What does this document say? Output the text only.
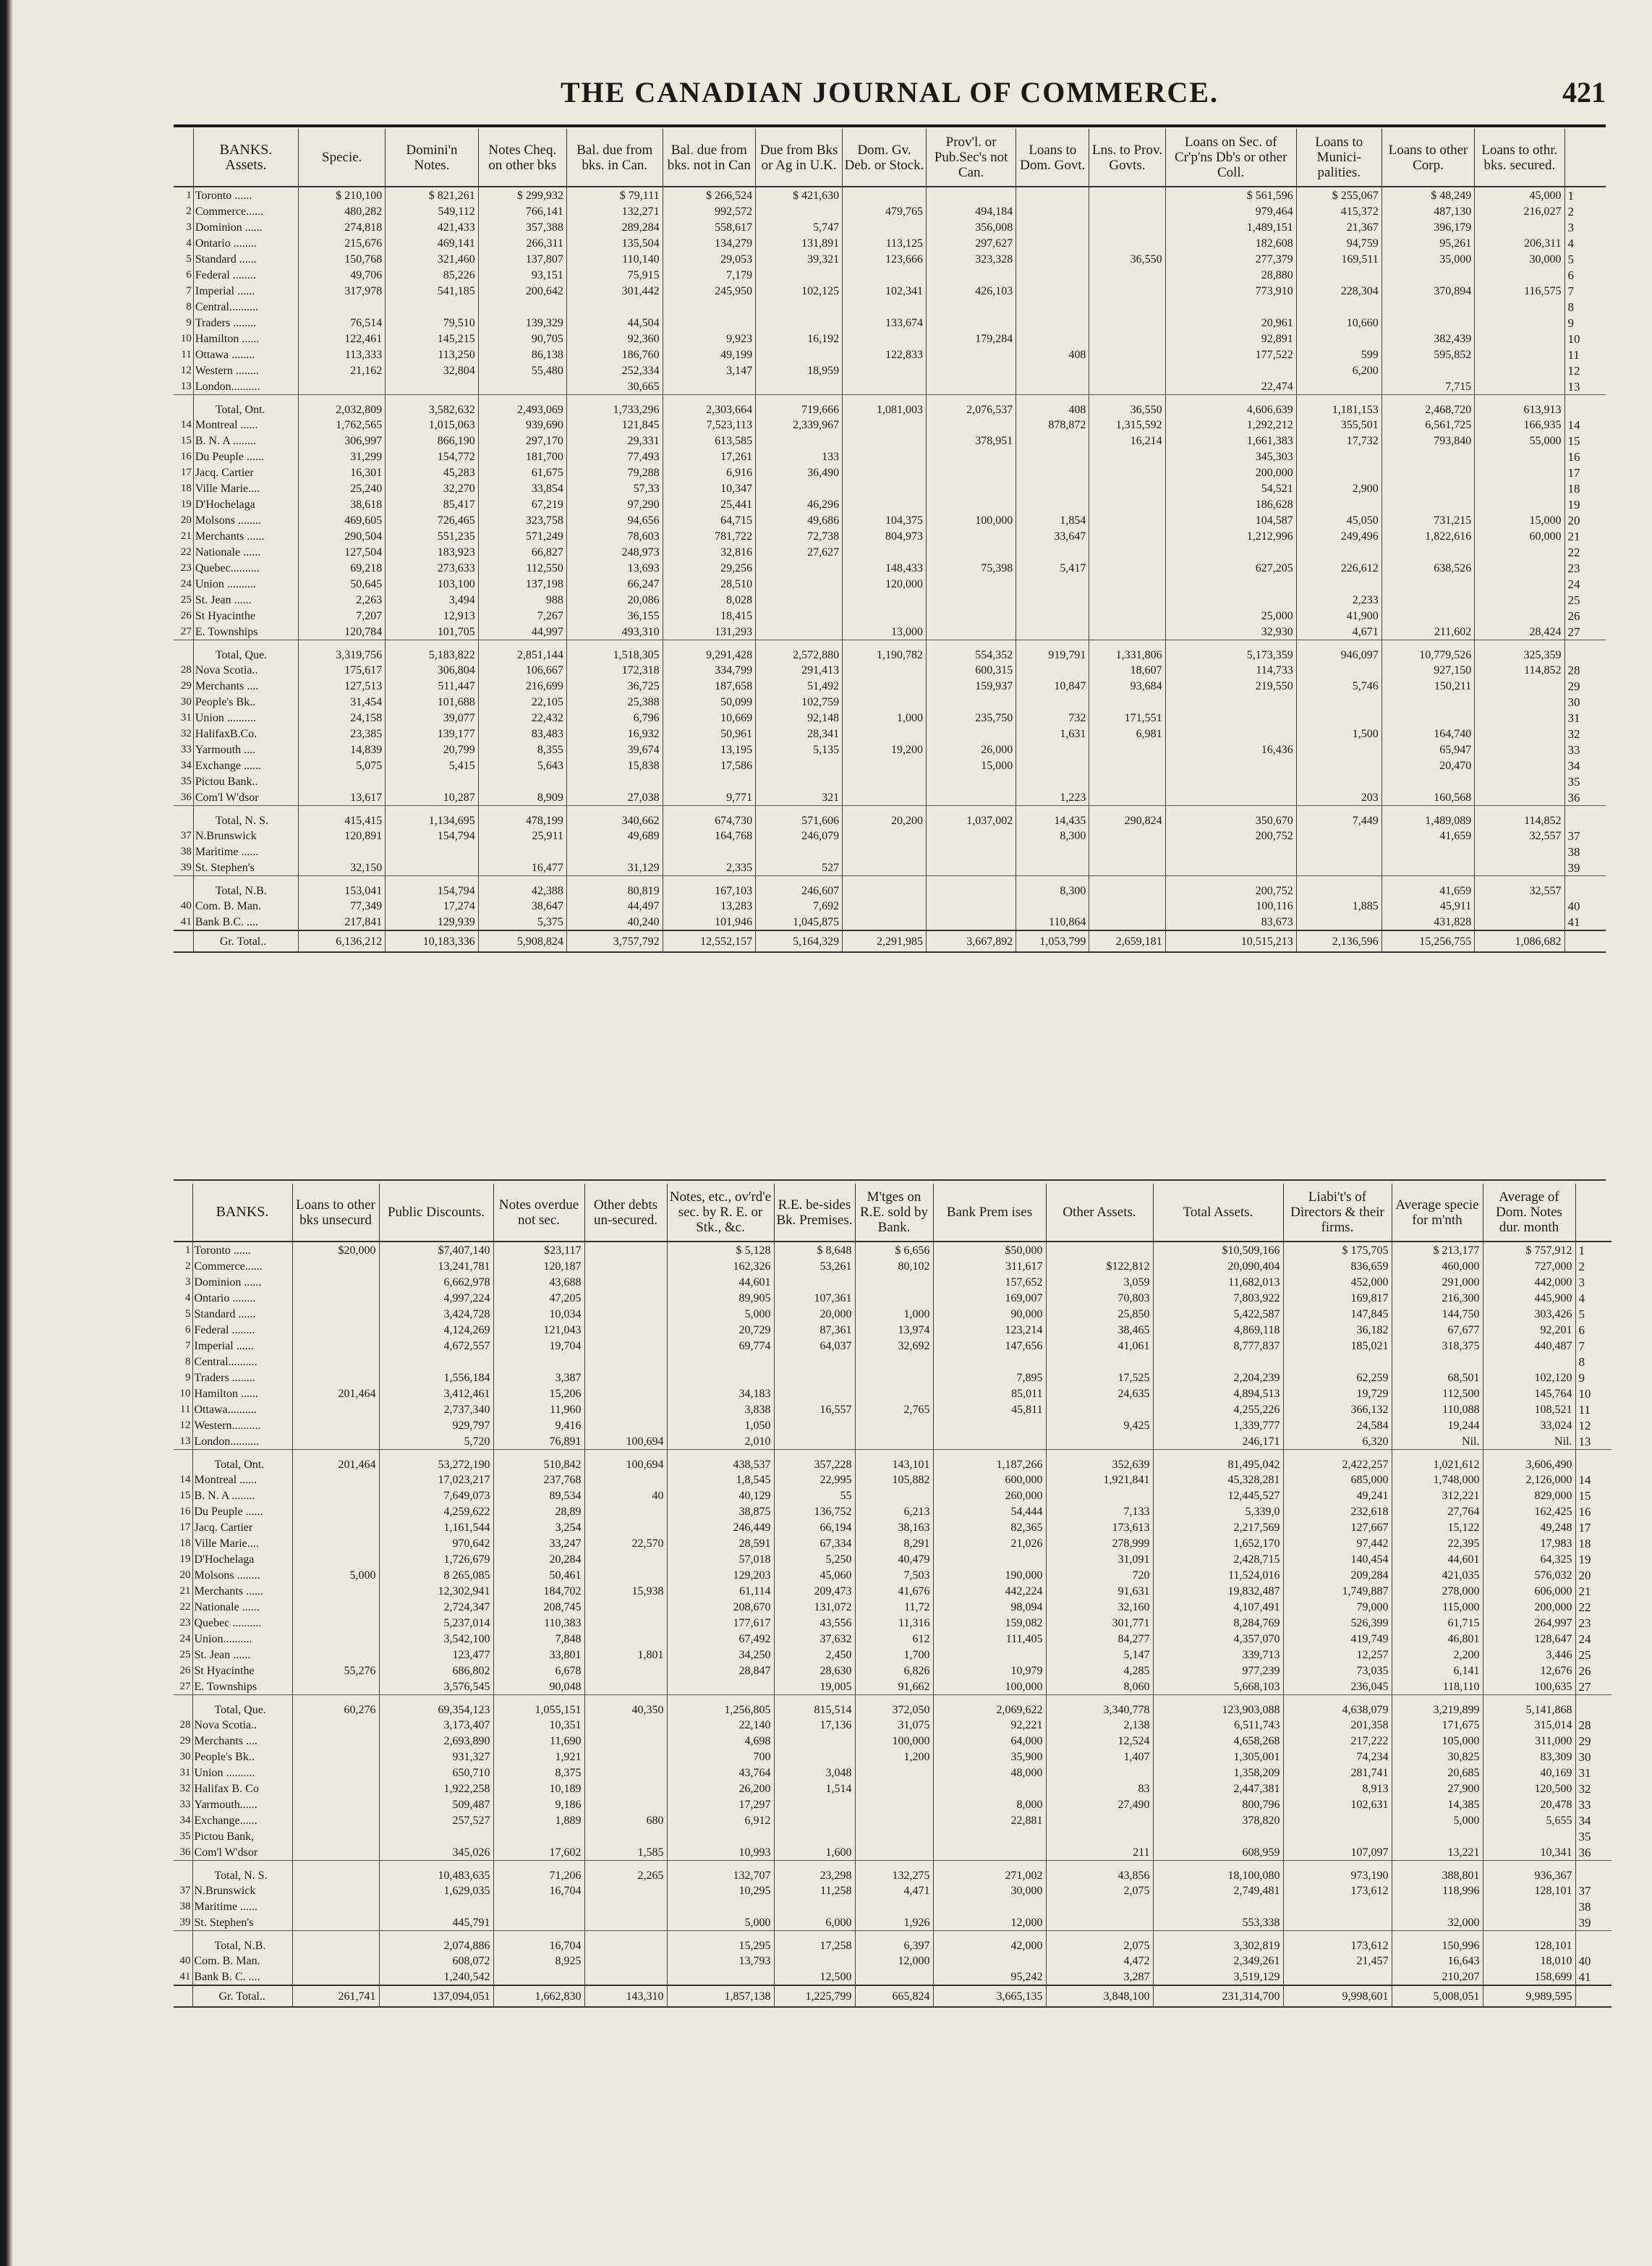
THE CANADIAN JOURNAL OF COMMERCE.	421
	BANKS.
Assets.	Specie.	Domini'n Notes.	Notes Cheq. on other bks	Bal. due from bks. in Can.	Bal. due from bks. not in Can	Due from Bks or Ag in U.K.	Dom. Gv. Deb. or Stock.	Prov'l. or Pub.Sec's not Can.	Loans to Dom. Govt.	Lns. to Prov. Govts.	Loans on Sec. of Cr'p'ns Db's or other Coll.	Loans to Munici-palities.	Loans to other Corp.	Loans to othr. bks. secured.	
1	Toronto ......	$ 210,100	$ 821,261	$ 299,932	$ 79,111	$ 266,524	$ 421,630					$ 561,596	$ 255,067	$ 48,249	45,000	1
2	Commerce......	480,282	549,112	766,141	132,271	992,572		479,765	494,184			979,464	415,372	487,130	216,027	2
3	Dominion ......	274,818	421,433	357,388	289,284	558,617	5,747		356,008			1,489,151	21,367	396,179		3
4	Ontario ........	215,676	469,141	266,311	135,504	134,279	131,891	113,125	297,627			182,608	94,759	95,261	206,311	4
5	Standard ......	150,768	321,460	137,807	110,140	29,053	39,321	123,666	323,328		36,550	277,379	169,511	35,000	30,000	5
6	Federal ........	49,706	85,226	93,151	75,915	7,179						28,880				6
7	Imperial ......	317,978	541,185	200,642	301,442	245,950	102,125	102,341	426,103			773,910	228,304	370,894	116,575	7
8	Central..........															8
9	Traders ........	76,514	79,510	139,329	44,504			133,674				20,961	10,660			9
10	Hamilton ......	122,461	145,215	90,705	92,360	9,923	16,192		179,284			92,891		382,439		10
11	Ottawa ........	113,333	113,250	86,138	186,760	49,199		122,833		408		177,522	599	595,852		11
12	Western ........	21,162	32,804	55,480	252,334	3,147	18,959						6,200			12
13	London..........				30,665							22,474		7,715		13
	Total, Ont.	2,032,809	3,582,632	2,493,069	1,733,296	2,303,664	719,666	1,081,003	2,076,537	408	36,550	4,606,639	1,181,153	2,468,720	613,913	
14	Montreal ......	1,762,565	1,015,063	939,690	121,845	7,523,113	2,339,967			878,872	1,315,592	1,292,212	355,501	6,561,725	166,935	14
15	B. N. A ........	306,997	866,190	297,170	29,331	613,585			378,951		16,214	1,661,383	17,732	793,840	55,000	15
16	Du Peuple ......	31,299	154,772	181,700	77,493	17,261	133					345,303				16
17	Jacq. Cartier	16,301	45,283	61,675	79,288	6,916	36,490					200,000				17
18	Ville Marie....	25,240	32,270	33,854	57,33	10,347						54,521	2,900			18
19	D'Hochelaga	38,618	85,417	67,219	97,290	25,441	46,296					186,628				19
20	Molsons ........	469,605	726,465	323,758	94,656	64,715	49,686	104,375	100,000	1,854		104,587	45,050	731,215	15,000	20
21	Merchants ......	290,504	551,235	571,249	78,603	781,722	72,738	804,973		33,647		1,212,996	249,496	1,822,616	60,000	21
22	Nationale ......	127,504	183,923	66,827	248,973	32,816	27,627									22
23	Quebec..........	69,218	273,633	112,550	13,693	29,256		148,433	75,398	5,417		627,205	226,612	638,526		23
24	Union ..........	50,645	103,100	137,198	66,247	28,510		120,000								24
25	St. Jean ......	2,263	3,494	988	20,086	8,028							2,233			25
26	St Hyacinthe	7,207	12,913	7,267	36,155	18,415						25,000	41,900			26
27	E. Townships	120,784	101,705	44,997	493,310	131,293		13,000				32,930	4,671	211,602	28,424	27
	Total, Que.	3,319,756	5,183,822	2,851,144	1,518,305	9,291,428	2,572,880	1,190,782	554,352	919,791	1,331,806	5,173,359	946,097	10,779,526	325,359	
28	Nova Scotia..	175,617	306,804	106,667	172,318	334,799	291,413		600,315		18,607	114,733		927,150	114,852	28
29	Merchants ....	127,513	511,447	216,699	36,725	187,658	51,492		159,937	10,847	93,684	219,550	5,746	150,211		29
30	People's Bk..	31,454	101,688	22,105	25,388	50,099	102,759									30
31	Union ..........	24,158	39,077	22,432	6,796	10,669	92,148	1,000	235,750	732	171,551					31
32	HalifaxB.Co.	23,385	139,177	83,483	16,932	50,961	28,341			1,631	6,981		1,500	164,740		32
33	Yarmouth ....	14,839	20,799	8,355	39,674	13,195	5,135	19,200	26,000			16,436		65,947		33
34	Exchange ......	5,075	5,415	5,643	15,838	17,586			15,000					20,470		34
35	Pictou Bank..															35
36	Com'l W'dsor	13,617	10,287	8,909	27,038	9,771	321			1,223			203	160,568		36
	Total, N. S.	415,415	1,134,695	478,199	340,662	674,730	571,606	20,200	1,037,002	14,435	290,824	350,670	7,449	1,489,089	114,852	
37	N.Brunswick	120,891	154,794	25,911	49,689	164,768	246,079			8,300		200,752		41,659	32,557	37
38	Maritime ......															38
39	St. Stephen's	32,150		16,477	31,129	2,335	527									39
	Total, N.B.	153,041	154,794	42,388	80,819	167,103	246,607			8,300		200,752		41,659	32,557	
40	Com. B. Man.	77,349	17,274	38,647	44,497	13,283	7,692					100,116	1,885	45,911		40
41	Bank B.C. ....	217,841	129,939	5,375	40,240	101,946	1,045,875			110,864		83,673		431,828		41
	Gr. Total..	6,136,212	10,183,336	5,908,824	3,757,792	12,552,157	5,164,329	2,291,985	3,667,892	1,053,799	2,659,181	10,515,213	2,136,596	15,256,755	1,086,682	
	BANKS.	Loans to other bks unsecurd	Public Discounts.	Notes overdue not sec.	Other debts un-secured.	Notes, etc., ov'rd'e sec. by R. E. or Stk., &c.	R.E. be-sides Bk. Premises.	M'tges on R.E. sold by Bank.	Bank Prem ises	Other Assets.	Total Assets.	Liabi't's of Directors & their firms.	Average specie for m'nth	Average of Dom. Notes dur. month	
1	Toronto ......	$20,000	$7,407,140	$23,117		$ 5,128	$ 8,648	$ 6,656	$50,000		$10,509,166	$ 175,705	$ 213,177	$ 757,912	1
2	Commerce......		13,241,781	120,187		162,326	53,261	80,102	311,617	$122,812	20,090,404	836,659	460,000	727,000	2
3	Dominion ......		6,662,978	43,688		44,601			157,652	3,059	11,682,013	452,000	291,000	442,000	3
4	Ontario ........		4,997,224	47,205		89,905	107,361		169,007	70,803	7,803,922	169,817	216,300	445,900	4
5	Standard ......		3,424,728	10,034		5,000	20,000	1,000	90,000	25,850	5,422,587	147,845	144,750	303,426	5
6	Federal ........		4,124,269	121,043		20,729	87,361	13,974	123,214	38,465	4,869,118	36,182	67,677	92,201	6
7	Imperial ......		4,672,557	19,704		69,774	64,037	32,692	147,656	41,061	8,777,837	185,021	318,375	440,487	7
8	Central..........														8
9	Traders ........		1,556,184	3,387					7,895	17,525	2,204,239	62,259	68,501	102,120	9
10	Hamilton ......	201,464	3,412,461	15,206		34,183			85,011	24,635	4,894,513	19,729	112,500	145,764	10
11	Ottawa..........		2,737,340	11,960		3,838	16,557	2,765	45,811		4,255,226	366,132	110,088	108,521	11
12	Western..........		929,797	9,416		1,050				9,425	1,339,777	24,584	19,244	33,024	12
13	London..........		5,720	76,891	100,694	2,010					246,171	6,320	Nil.	Nil.	13
	Total, Ont.	201,464	53,272,190	510,842	100,694	438,537	357,228	143,101	1,187,266	352,639	81,495,042	2,422,257	1,021,612	3,606,490	
14	Montreal ......		17,023,217	237,768		1,8,545	22,995	105,882	600,000	1,921,841	45,328,281	685,000	1,748,000	2,126,000	14
15	B. N. A ........		7,649,073	89,534	40	40,129	55		260,000		12,445,527	49,241	312,221	829,000	15
16	Du Peuple ......		4,259,622	28,89		38,875	136,752	6,213	54,444	7,133	5,339,0	232,618	27,764	162,425	16
17	Jacq. Cartier		1,161,544	3,254		246,449	66,194	38,163	82,365	173,613	2,217,569	127,667	15,122	49,248	17
18	Ville Marie....		970,642	33,247	22,570	28,591	67,334	8,291	21,026	278,999	1,652,170	97,442	22,395	17,983	18
19	D'Hochelaga		1,726,679	20,284		57,018	5,250	40,479		31,091	2,428,715	140,454	44,601	64,325	19
20	Molsons ........	5,000	8 265,085	50,461		129,203	45,060	7,503	190,000	720	11,524,016	209,284	421,035	576,032	20
21	Merchants ......		12,302,941	184,702	15,938	61,114	209,473	41,676	442,224	91,631	19,832,487	1,749,887	278,000	606,000	21
22	Nationale ......		2,724,347	208,745		208,670	131,072	11,72	98,094	32,160	4,107,491	79,000	115,000	200,000	22
23	Quebec ..........		5,237,014	110,383		177,617	43,556	11,316	159,082	301,771	8,284,769	526,399	61,715	264,997	23
24	Union..........		3,542,100	7,848		67,492	37,632	612	111,405	84,277	4,357,070	419,749	46,801	128,647	24
25	St. Jean ......		123,477	33,801	1,801	34,250	2,450	1,700		5,147	339,713	12,257	2,200	3,446	25
26	St Hyacinthe	55,276	686,802	6,678		28,847	28,630	6,826	10,979	4,285	977,239	73,035	6,141	12,676	26
27	E. Townships		3,576,545	90,048			19,005	91,662	100,000	8,060	5,668,103	236,045	118,110	100,635	27
	Total, Que.	60,276	69,354,123	1,055,151	40,350	1,256,805	815,514	372,050	2,069,622	3,340,778	123,903,088	4,638,079	3,219,899	5,141,868	
28	Nova Scotia..		3,173,407	10,351		22,140	17,136	31,075	92,221	2,138	6,511,743	201,358	171,675	315,014	28
29	Merchants ....		2,693,890	11,690		4,698		100,000	64,000	12,524	4,658,268	217,222	105,000	311,000	29
30	People's Bk..		931,327	1,921		700		1,200	35,900	1,407	1,305,001	74,234	30,825	83,309	30
31	Union ..........		650,710	8,375		43,764	3,048		48,000		1,358,209	281,741	20,685	40,169	31
32	Halifax B. Co		1,922,258	10,189		26,200	1,514			83	2,447,381	8,913	27,900	120,500	32
33	Yarmouth......		509,487	9,186		17,297			8,000	27,490	800,796	102,631	14,385	20,478	33
34	Exchange......		257,527	1,889	680	6,912			22,881		378,820		5,000	5,655	34
35	Pictou Bank,														35
36	Com'l W'dsor		345,026	17,602	1,585	10,993	1,600			211	608,959	107,097	13,221	10,341	36
	Total, N. S.		10,483,635	71,206	2,265	132,707	23,298	132,275	271,002	43,856	18,100,080	973,190	388,801	936,367	
37	N.Brunswick		1,629,035	16,704		10,295	11,258	4,471	30,000	2,075	2,749,481	173,612	118,996	128,101	37
38	Maritime ......														38
39	St. Stephen's		445,791			5,000	6,000	1,926	12,000		553,338		32,000		39
	Total, N.B.		2,074,886	16,704		15,295	17,258	6,397	42,000	2,075	3,302,819	173,612	150,996	128,101	
40	Com. B. Man.		608,072	8,925		13,793		12,000		4,472	2,349,261	21,457	16,643	18,010	40
41	Bank B. C. ....		1,240,542				12,500		95,242	3,287	3,519,129		210,207	158,699	41
	Gr. Total..	261,741	137,094,051	1,662,830	143,310	1,857,138	1,225,799	665,824	3,665,135	3,848,100	231,314,700	9,998,601	5,008,051	9,989,595	
